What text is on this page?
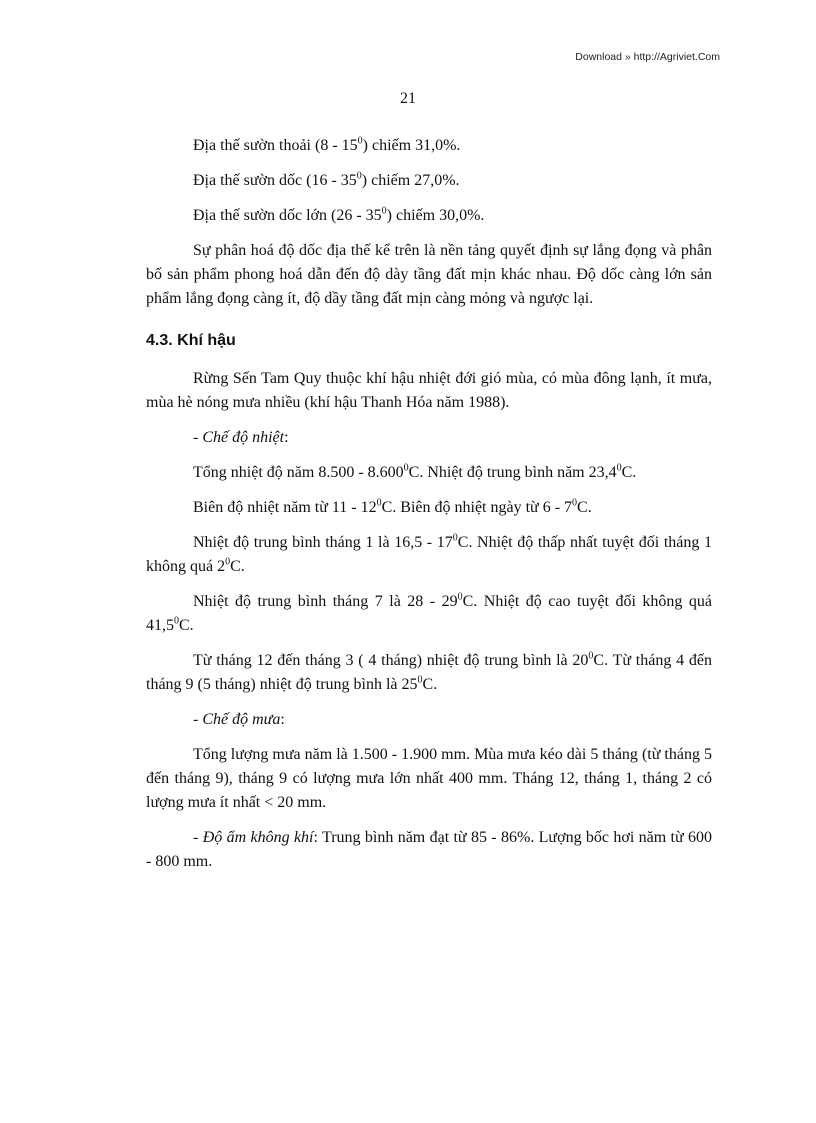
Download » http://Agriviet.Com
21

Địa thế sườn thoải $(8 - 15^0)$ chiếm 31,0%.

Địa thế sườn dốc $(16 - 35^0)$ chiếm 27,0%.

Địa thế sườn dốc lớn $(26 - 35^0)$ chiếm 30,0%.

Sự phân hoá độ dốc địa thế kể trên là nền tảng quyết định sự lắng đọng và phân bố sản phẩm phong hoá dẫn đến độ dày tầng đất mịn khác nhau. Độ dốc càng lớn sản phẩm lắng đọng càng ít, độ dầy tầng đất mịn càng mỏng và ngược lại.

4.3. Khí hậu

Rừng Sến Tam Quy thuộc khí hậu nhiệt đới gió mùa, có mùa đông lạnh, ít mưa, mùa hè nóng mưa nhiều (khí hậu Thanh Hóa năm 1988).

- Chế độ nhiệt:

Tổng nhiệt độ năm 8.500 - 8.600$^0$C. Nhiệt độ trung bình năm 23,4$^0$C.

Biên độ nhiệt năm từ $11 - 12^0C$. Biên độ nhiệt ngày từ $6 - 7^0C$.

Nhiệt độ trung bình tháng 1 là $16,5 - 17^0C$. Nhiệt độ thấp nhất tuyệt đối tháng 1 không quá $2^0C$.

Nhiệt độ trung bình tháng 7 là $28 - 29^0C$. Nhiệt độ cao tuyệt đối không quá 41,5$^0$C.

Từ tháng 12 đến tháng 3 ( 4 tháng) nhiệt độ trung bình là $20^0C$. Từ tháng 4 đến tháng 9 (5 tháng) nhiệt độ trung bình là $25^0C$.

- Chế độ mưa:

Tổng lượng mưa năm là 1.500 - 1.900 mm. Mùa mưa kéo dài 5 tháng (từ tháng 5 đến tháng 9), tháng 9 có lượng mưa lớn nhất 400 mm. Tháng 12, tháng 1, tháng 2 có lượng mưa ít nhất < 20 mm.

- Độ ẩm không khí: Trung bình năm đạt từ 85 - 86%. Lượng bốc hơi năm từ 600 - 800 mm.
